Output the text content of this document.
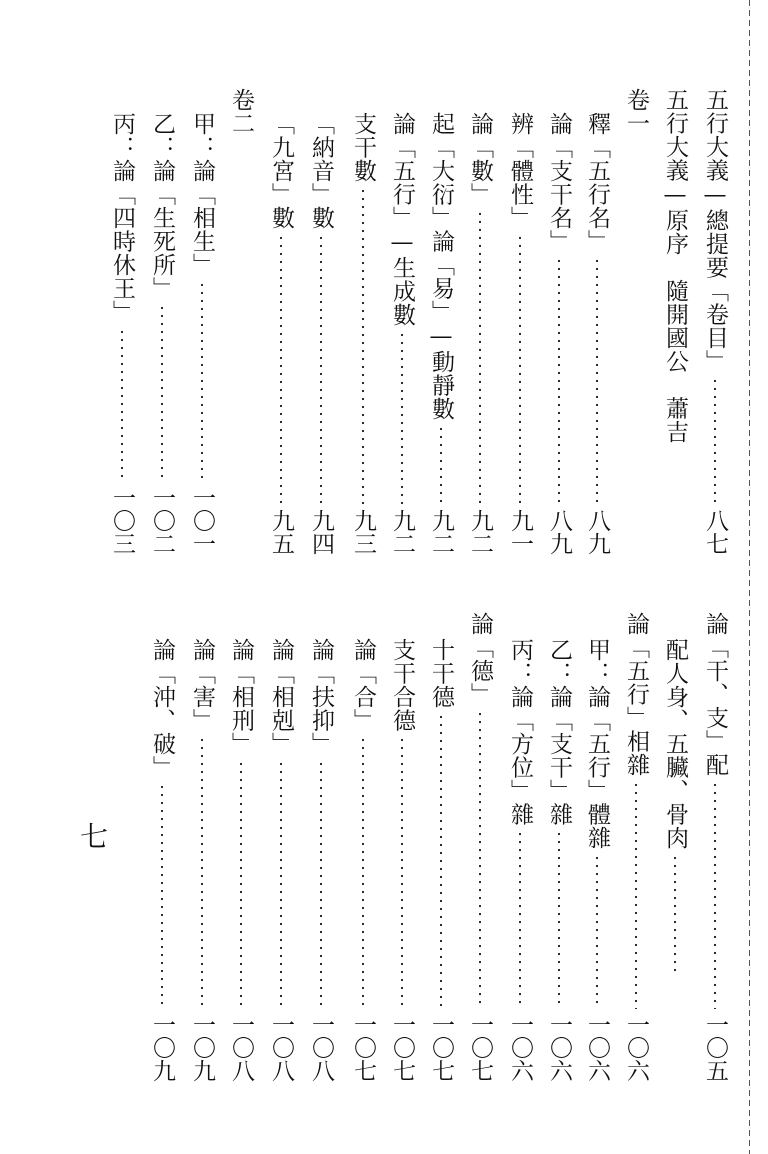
五行大義—總提要「卷目」
八七
五行大義—原序　隨開國公　蕭吉
卷一
釋「五行名」
八九
論「支干名」
八九
辨「體性」
九一
論「數」
九二
起「大衍」論「易」—動靜數
九二
論「五行」—生成數
九二
支干數
九三
「納音」數
九四
「九宮」數
九五
卷二
甲：論「相生」
一〇一
乙：論「生死所」
一〇二
丙：論「四時休王」
一〇三
論「干、支」配
一〇五
配人身、五臟、骨肉
論「五行」相雜
一〇六
甲：論「五行」體雜
一〇六
乙：論「支干」雜
一〇六
丙：論「方位」雜
一〇六
論「德」
一〇七
十干德
一〇七
支干合德
一〇七
論「合」
一〇七
論「扶抑」
一〇八
論「相剋」
一〇八
論「相刑」
一〇八
論「害」
一〇九
論「沖、破」
一〇九
七
